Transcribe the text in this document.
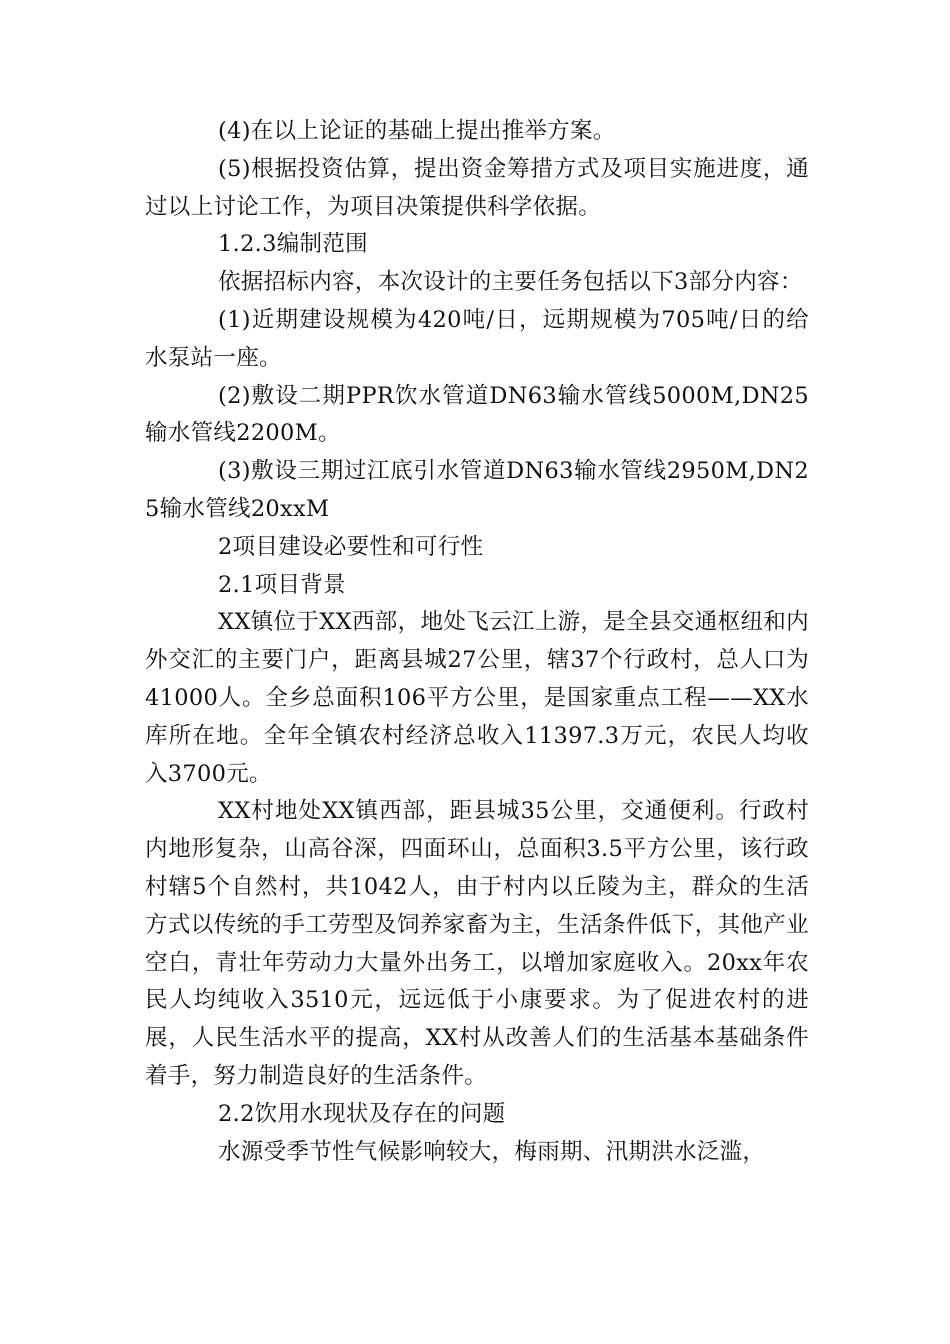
(4)在以上论证的基础上提出推举方案。

(5)根据投资估算，提出资金筹措方式及项目实施进度，通过以上讨论工作，为项目决策提供科学依据。

1.2.3编制范围

依据招标内容，本次设计的主要任务包括以下3部分内容：

(1)近期建设规模为420吨/日，远期规模为705吨/日的给水泵站一座。

(2)敷设二期PPR饮水管道DN63输水管线5000M,DN25输水管线2200M。

(3)敷设三期过江底引水管道DN63输水管线2950M,DN25输水管线20xxM

2项目建设必要性和可行性

2.1项目背景

XX镇位于XX西部，地处飞云江上游，是全县交通枢纽和内外交汇的主要门户，距离县城27公里，辖37个行政村，总人口为41000人。全乡总面积106平方公里，是国家重点工程——XX水库所在地。全年全镇农村经济总收入11397.3万元，农民人均收入3700元。

XX村地处XX镇西部，距县城35公里，交通便利。行政村内地形复杂，山高谷深，四面环山，总面积3.5平方公里，该行政村辖5个自然村，共1042人，由于村内以丘陵为主，群众的生活方式以传统的手工劳型及饲养家畜为主，生活条件低下，其他产业空白，青壮年劳动力大量外出务工，以增加家庭收入。20xx年农民人均纯收入3510元，远远低于小康要求。为了促进农村的进展，人民生活水平的提高，XX村从改善人们的生活基本基础条件着手，努力制造良好的生活条件。

2.2饮用水现状及存在的问题

水源受季节性气候影响较大，梅雨期、汛期洪水泛滥，
